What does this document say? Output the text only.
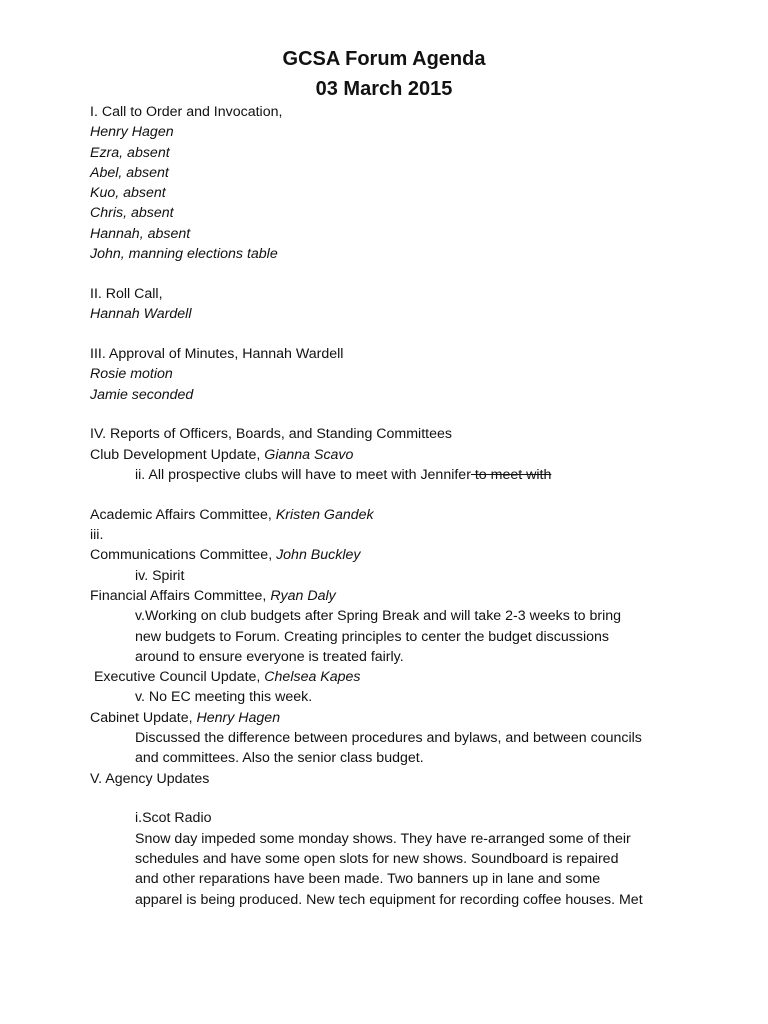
GCSA Forum Agenda
03 March 2015
I. Call to Order and Invocation,
Henry Hagen
Ezra, absent
Abel, absent
Kuo, absent
Chris, absent
Hannah, absent
John, manning elections table
II. Roll Call,
Hannah Wardell
III. Approval of Minutes, Hannah Wardell
Rosie motion
Jamie seconded
IV. Reports of Officers, Boards, and Standing Committees
Club Development Update, Gianna Scavo
ii. All prospective clubs will have to meet with Jennifer to meet with
Academic Affairs Committee, Kristen Gandek
iii.
Communications Committee, John Buckley
iv. Spirit
Financial Affairs Committee, Ryan Daly
v.Working on club budgets after Spring Break and will take 2-3 weeks to bring
new budgets to Forum. Creating principles to center the budget discussions
around to ensure everyone is treated fairly.
Executive Council Update, Chelsea Kapes
v. No EC meeting this week.
Cabinet Update, Henry Hagen
Discussed the difference between procedures and bylaws, and between councils
and committees. Also the senior class budget.
V. Agency Updates
i.Scot Radio
Snow day impeded some monday shows. They have re-arranged some of their
schedules and have some open slots for new shows. Soundboard is repaired
and other reparations have been made. Two banners up in lane and some
apparel is being produced. New tech equipment for recording coffee houses. Met
